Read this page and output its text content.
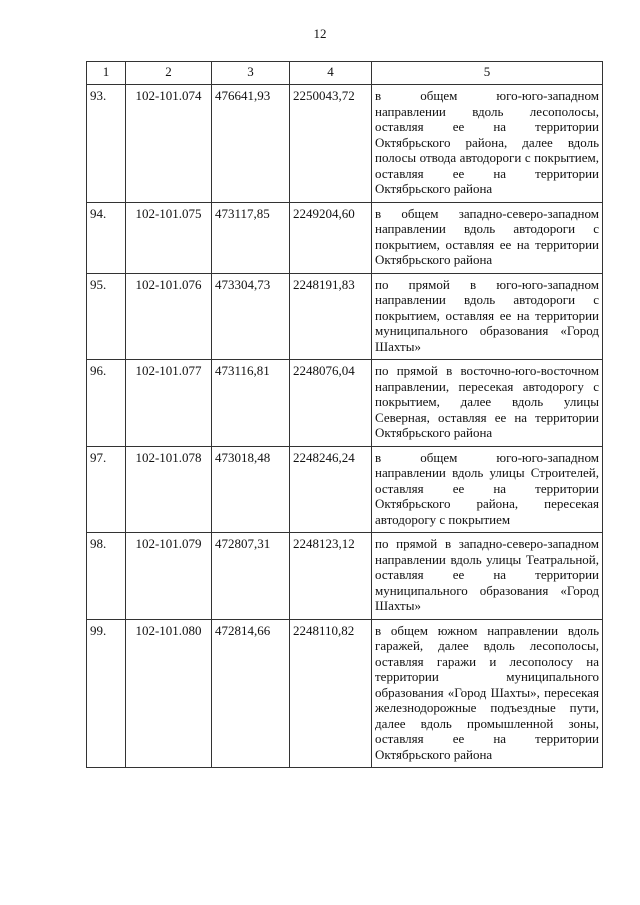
12
1	2	3	4	5
93.	102-101.074	476641,93	2250043,72	в общем юго-юго-западном направлении вдоль лесополосы, оставляя ее на территории Октябрьского района, далее вдоль полосы отвода автодороги с покрытием, оставляя ее на территории Октябрьского района
94.	102-101.075	473117,85	2249204,60	в общем западно-северо-западном направлении вдоль автодороги с покрытием, оставляя ее на территории Октябрьского района
95.	102-101.076	473304,73	2248191,83	по прямой в юго-юго-западном направлении вдоль автодороги с покрытием, оставляя ее на территории муниципального образования «Город Шахты»
96.	102-101.077	473116,81	2248076,04	по прямой в восточно-юго-восточном направлении, пересекая автодорогу с покрытием, далее вдоль улицы Северная, оставляя ее на территории Октябрьского района
97.	102-101.078	473018,48	2248246,24	в общем юго-юго-западном направлении вдоль улицы Строителей, оставляя ее на территории Октябрьского района, пересекая автодорогу с покрытием
98.	102-101.079	472807,31	2248123,12	по прямой в западно-северо-западном направлении вдоль улицы Театральной, оставляя ее на территории муниципального образования «Город Шахты»
99.	102-101.080	472814,66	2248110,82	в общем южном направлении вдоль гаражей, далее вдоль лесополосы, оставляя гаражи и лесополосу на территории муниципального образования «Город Шахты», пересекая железнодорожные подъездные пути, далее вдоль промышленной зоны, оставляя ее на территории Октябрьского района
